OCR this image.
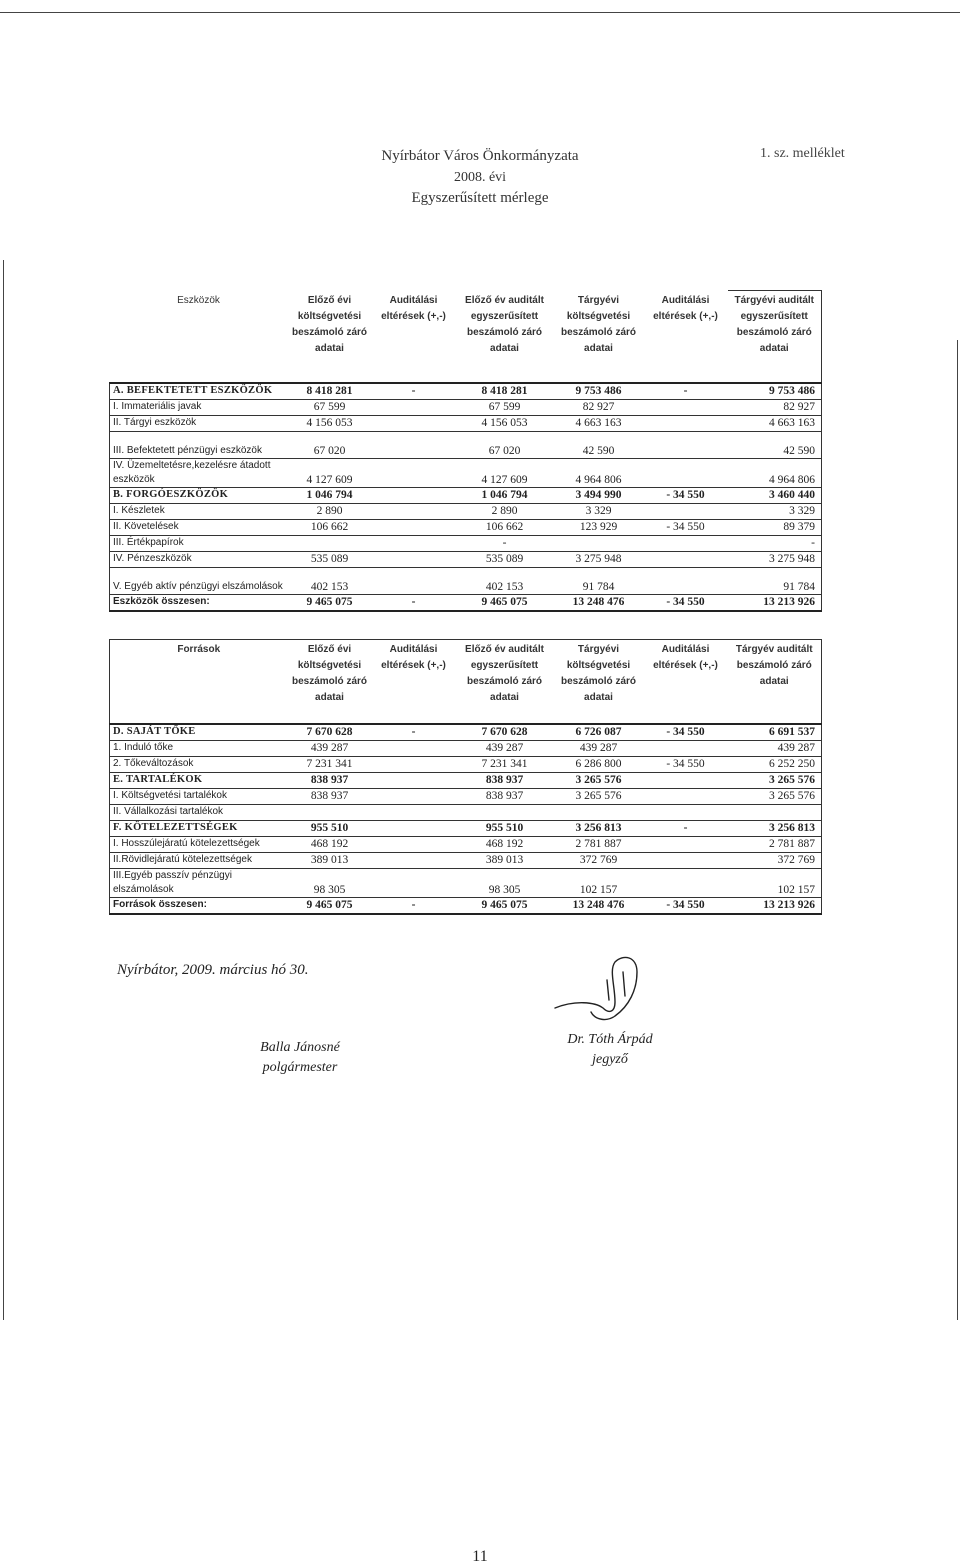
Nyírbátor Város Önkormányzata
2008. évi
Egyszerűsített mérlege
1. sz. melléklet
Eszközök	Előző évi költségvetési beszámoló záró adatai	Auditálási eltérések (+,-)	Előző év auditált egyszerűsített beszámoló záró adatai	Tárgyévi költségvetési beszámoló záró adatai	Auditálási eltérések (+,-)	Tárgyévi auditált egyszerűsített beszámoló záró adatai
A. BEFEKTETETT ESZKÖZÖK	8 418 281	-	8 418 281	9 753 486	-	9 753 486
I. Immateriális javak	67 599		67 599	82 927		82 927
II. Tárgyi eszközök	4 156 053		4 156 053	4 663 163		4 663 163
III. Befektetett pénzügyi eszközök	67 020		67 020	42 590		42 590
IV. Üzemeltetésre,kezelésre átadott eszközök	4 127 609		4 127 609	4 964 806		4 964 806
B. FORGÓESZKÖZÖK	1 046 794		1 046 794	3 494 990	- 34 550	3 460 440
I. Készletek	2 890		2 890	3 329		3 329
II. Követelések	106 662		106 662	123 929	- 34 550	89 379
III. Értékpapírok			-			-
IV. Pénzeszközök	535 089		535 089	3 275 948		3 275 948
V. Egyéb aktív pénzügyi elszámolások	402 153		402 153	91 784		91 784
Eszközök összesen:	9 465 075	-	9 465 075	13 248 476	- 34 550	13 213 926
Források	Előző évi költségvetési beszámoló záró adatai	Auditálási eltérések (+,-)	Előző év auditált egyszerűsített beszámoló záró adatai	Tárgyévi költségvetési beszámoló záró adatai	Auditálási eltérések (+,-)	Tárgyév auditált beszámoló záró adatai
D. SAJÁT TŐKE	7 670 628	-	7 670 628	6 726 087	- 34 550	6 691 537
1. Induló tőke	439 287		439 287	439 287		439 287
2. Tőkeváltozások	7 231 341		7 231 341	6 286 800	- 34 550	6 252 250
E. TARTALÉKOK	838 937		838 937	3 265 576		3 265 576
I. Költségvetési tartalékok	838 937		838 937	3 265 576		3 265 576
II. Vállalkozási tartalékok						
F. KÖTELEZETTSÉGEK	955 510		955 510	3 256 813	-	3 256 813
I. Hosszúlejáratú kötelezettségek	468 192		468 192	2 781 887		2 781 887
II.Rövidlejáratú kötelezettségek	389 013		389 013	372 769		372 769
III.Egyéb passzív pénzügyi elszámolások	98 305		98 305	102 157		102 157
Források összesen:	9 465 075	-	9 465 075	13 248 476	- 34 550	13 213 926
Nyírbátor, 2009. március hó 30.
Balla Jánosné
polgármester
Dr. Tóth Árpád
jegyző
11
